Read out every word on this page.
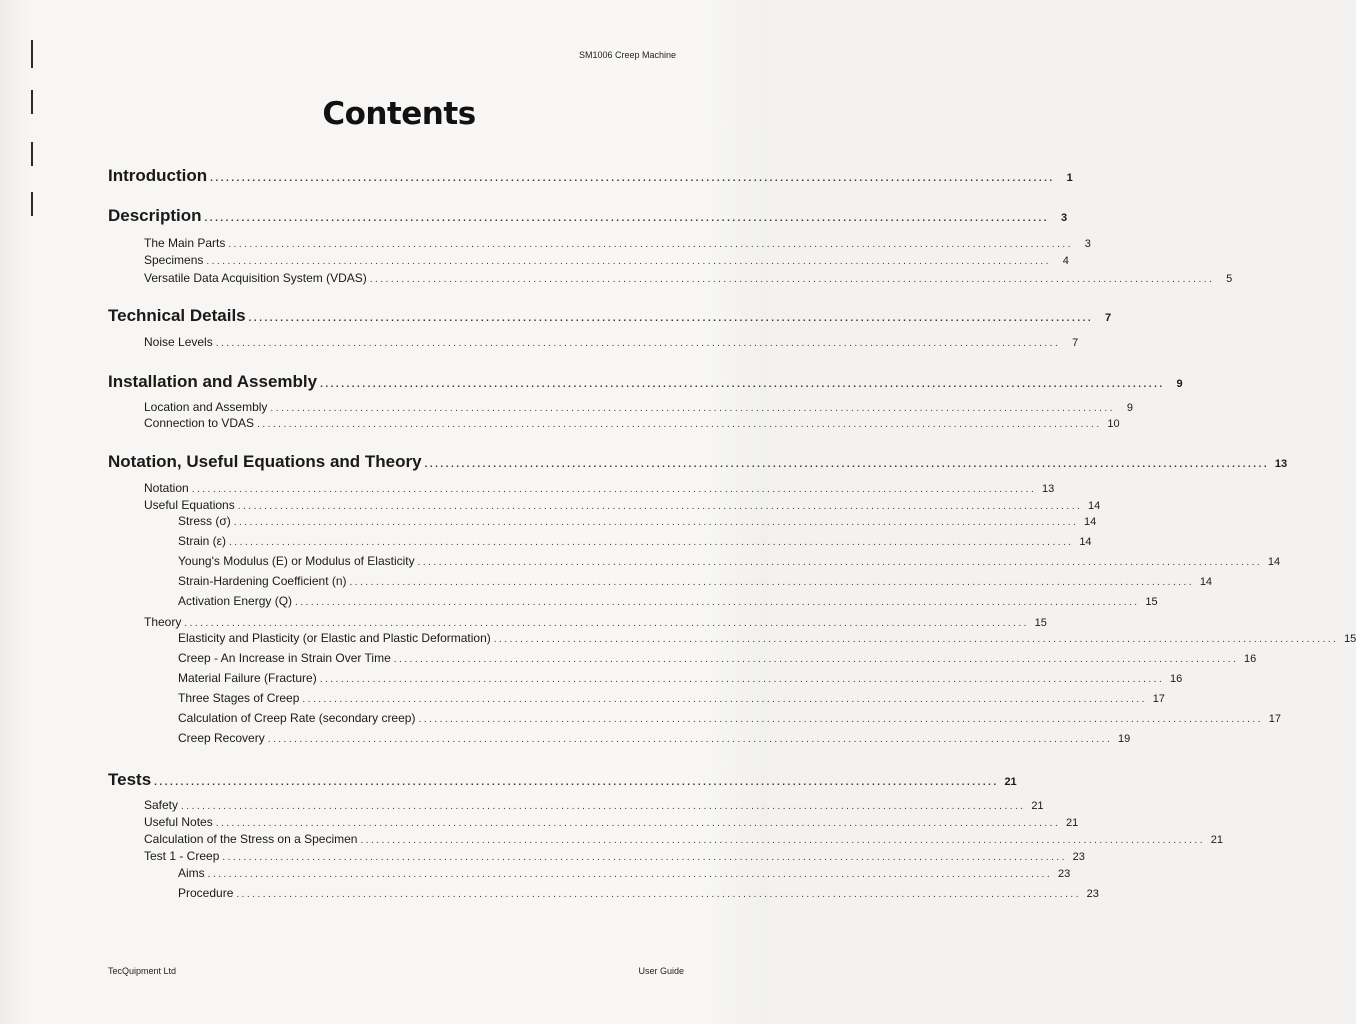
SM1006 Creep Machine
Contents
Introduction ................................................................................................................................................................	1
Description ................................................................................................................................................................	3
The Main Parts ................................................................................................................................................................	3
Specimens ................................................................................................................................................................	4
Versatile Data Acquisition System (VDAS) ................................................................................................................................................................	5
Technical Details ................................................................................................................................................................	7
Noise Levels ................................................................................................................................................................	7
Installation and Assembly ................................................................................................................................................................	9
Location and Assembly ................................................................................................................................................................	9
Connection to VDAS ................................................................................................................................................................ 10
Notation, Useful Equations and Theory ................................................................................................................................................................ 13
Notation ................................................................................................................................................................ 13
Useful Equations ................................................................................................................................................................ 14
Stress (σ) ................................................................................................................................................................ 14
Strain (ε) ................................................................................................................................................................ 14
Young's Modulus (E) or Modulus of Elasticity ................................................................................................................................................................ 14
Strain-Hardening Coefficient (n) ................................................................................................................................................................ 14
Activation Energy (Q) ................................................................................................................................................................ 15
Theory ................................................................................................................................................................ 15
Elasticity and Plasticity (or Elastic and Plastic Deformation) ................................................................................................................................................................ 15
Creep - An Increase in Strain Over Time ................................................................................................................................................................ 16
Material Failure (Fracture) ................................................................................................................................................................ 16
Three Stages of Creep ................................................................................................................................................................ 17
Calculation of Creep Rate (secondary creep) ................................................................................................................................................................ 17
Creep Recovery ................................................................................................................................................................ 19
Tests ................................................................................................................................................................ 21
Safety ................................................................................................................................................................ 21
Useful Notes ................................................................................................................................................................ 21
Calculation of the Stress on a Specimen ................................................................................................................................................................ 21
Test 1 - Creep ................................................................................................................................................................ 23
Aims ................................................................................................................................................................ 23
Procedure ................................................................................................................................................................ 23
TecQuipment Ltd	User Guide
